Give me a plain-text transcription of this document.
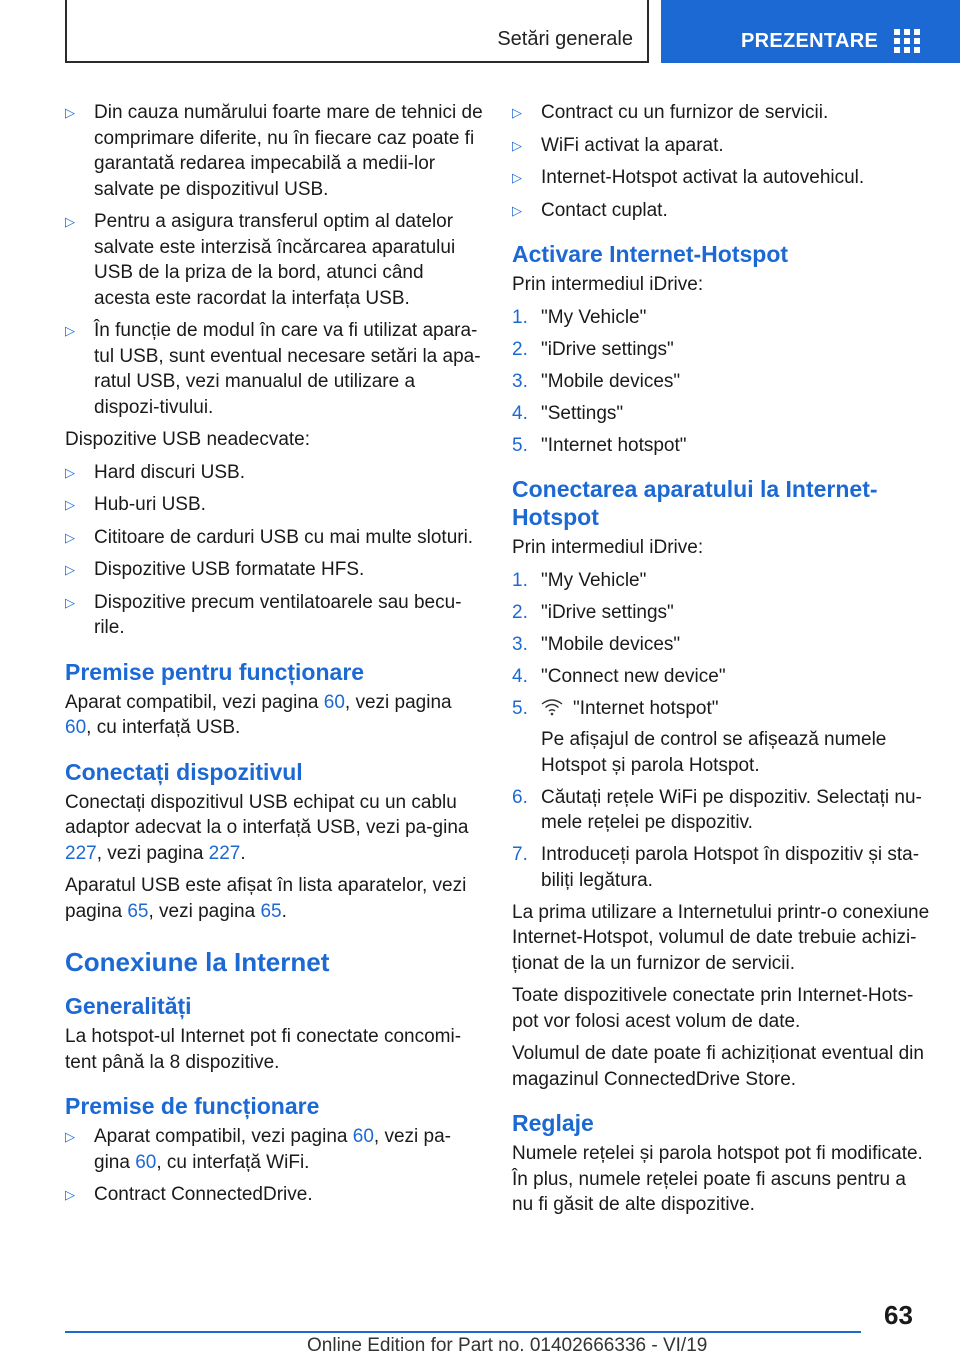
Setări generale	PREZENTARE
▷ Din cauza numărului foarte mare de tehnici de comprimare diferite, nu în fiecare caz poate fi garantată redarea impecabilă a medii‐lor salvate pe dispozitivul USB.
▷ Pentru a asigura transferul optim al datelor salvate este interzisă încărcarea aparatului USB de la priza de la bord, atunci când acesta este racordat la interfața USB.
▷ În funcție de modul în care va fi utilizat apara‐tul USB, sunt eventual necesare setări la apa‐ratul USB, vezi manualul de utilizare a dispozi‐tivului.

Dispozitive USB neadecvate:

▷ Hard discuri USB.
▷ Hub-uri USB.
▷ Cititoare de carduri USB cu mai multe sloturi.
▷ Dispozitive USB formatate HFS.
▷ Dispozitive precum ventilatoarele sau becu‐rile.
Premise pentru funcționare

Aparat compatibil, vezi pagina 60, vezi pagina 60, cu interfață USB.

Conectați dispozitivul

Conectați dispozitivul USB echipat cu un cablu adaptor adecvat la o interfață USB, vezi pa‐gina 227, vezi pagina 227.

Aparatul USB este afișat în lista aparatelor, vezi pagina 65, vezi pagina 65.

Conexiune la Internet
Generalități

La hotspot-ul Internet pot fi conectate concomi‐tent până la 8 dispozitive.

Premise de funcționare
▷ Aparat compatibil, vezi pagina 60, vezi pa‐gina 60, cu interfață WiFi.
▷ Contract ConnectedDrive.
▷ Contract cu un furnizor de servicii.
▷ WiFi activat la aparat.
▷ Internet-Hotspot activat la autovehicul.
▷ Contact cuplat.
Activare Internet-Hotspot

Prin intermediul iDrive:

1. "My Vehicle"
2. "iDrive settings"
3. "Mobile devices"
4. "Settings"
5. "Internet hotspot"
Conectarea aparatului la Internet-Hotspot

Prin intermediul iDrive:

1. "My Vehicle"
2. "iDrive settings"
3. "Mobile devices"
4. "Connect new device"
5. "Internet hotspot"
Pe afișajul de control se afișează numele Hotspot și parola Hotspot.
6. Căutați rețele WiFi pe dispozitiv. Selectați nu‐mele rețelei pe dispozitiv.
7. Introduceți parola Hotspot în dispozitiv și sta‐biliți legătura.

La prima utilizare a Internetului printr-o conexiune Internet-Hotspot, volumul de date trebuie achizi‐ționat de la un furnizor de servicii.

Toate dispozitivele conectate prin Internet-Hots‐pot vor folosi acest volum de date.

Volumul de date poate fi achiziționat eventual din magazinul ConnectedDrive Store.

Reglaje

Numele rețelei și parola hotspot pot fi modificate. În plus, numele rețelei poate fi ascuns pentru a nu fi găsit de alte dispozitive.

63
Online Edition for Part no. 01402666336 - VI/19
